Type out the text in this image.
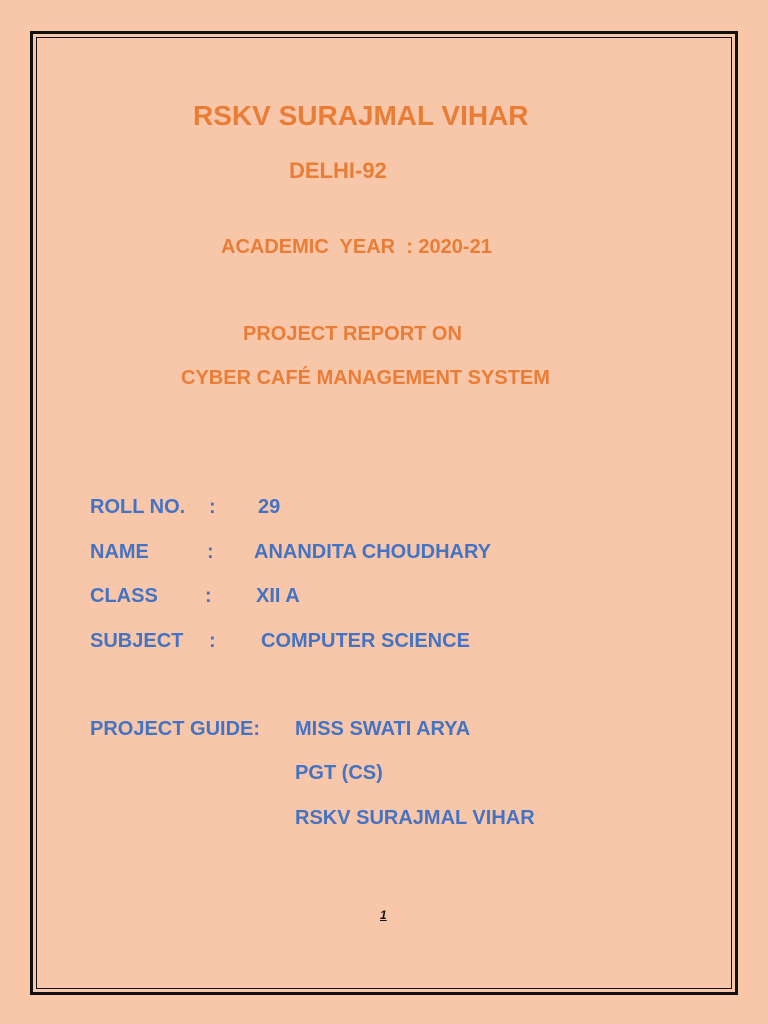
RSKV SURAJMAL VIHAR
DELHI-92
ACADEMIC  YEAR  : 2020-21
PROJECT REPORT ON
CYBER CAFÉ MANAGEMENT SYSTEM
ROLL NO. : 29
NAME	: ANANDITA CHOUDHARY
CLASS : XII A
SUBJECT : COMPUTER SCIENCE
PROJECT GUIDE: MISS SWATI ARYA
PGT (CS)
RSKV SURAJMAL VIHAR
1
